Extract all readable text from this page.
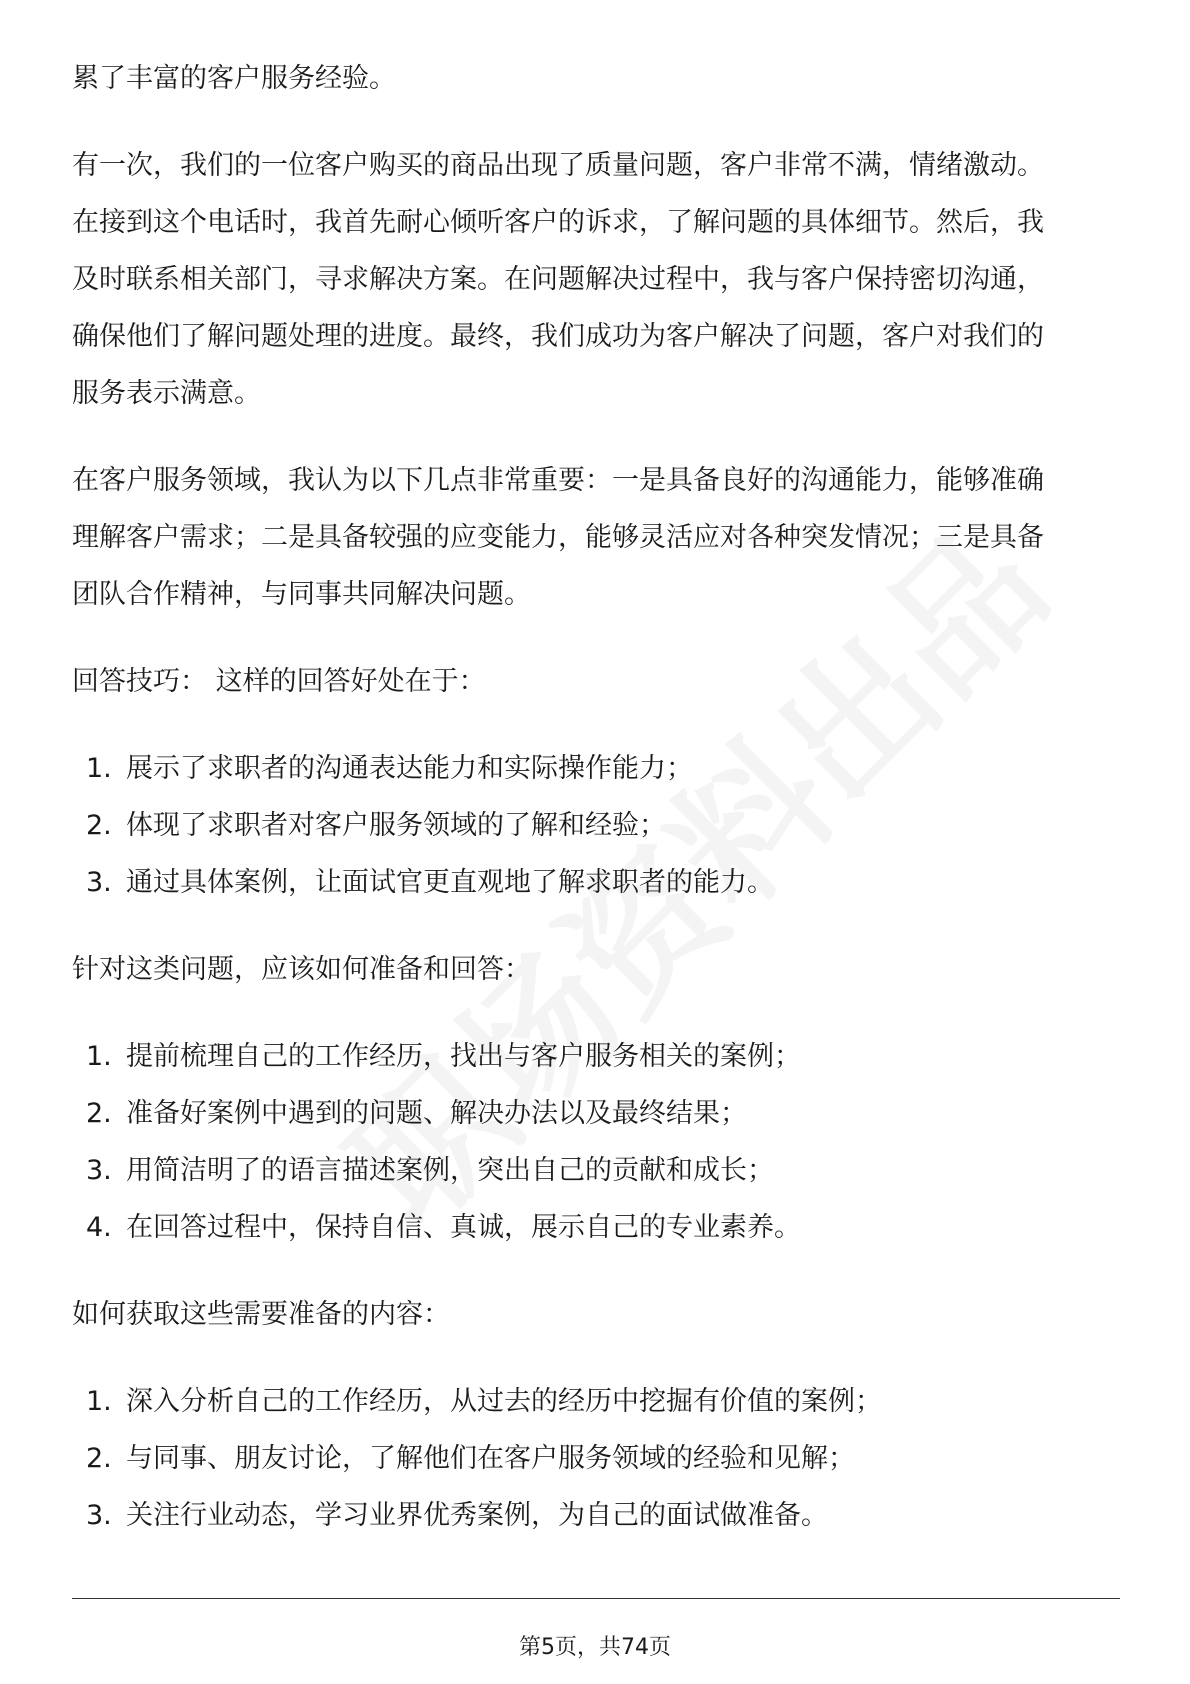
累了丰富的客户服务经验。

有一次，我们的一位客户购买的商品出现了质量问题，客户非常不满，情绪激动。

在接到这个电话时，我首先耐心倾听客户的诉求，了解问题的具体细节。然后，我

及时联系相关部门，寻求解决方案。在问题解决过程中，我与客户保持密切沟通，

确保他们了解问题处理的进度。最终，我们成功为客户解决了问题，客户对我们的

服务表示满意。

在客户服务领域，我认为以下几点非常重要：一是具备良好的沟通能力，能够准确

理解客户需求；二是具备较强的应变能力，能够灵活应对各种突发情况；三是具备

团队合作精神，与同事共同解决问题。

回答技巧： 这样的回答好处在于：

1. 展示了求职者的沟通表达能力和实际操作能力；
2. 体现了求职者对客户服务领域的了解和经验；
3. 通过具体案例，让面试官更直观地了解求职者的能力。

针对这类问题，应该如何准备和回答：

1. 提前梳理自己的工作经历，找出与客户服务相关的案例；
2. 准备好案例中遇到的问题、解决办法以及最终结果；
3. 用简洁明了的语言描述案例，突出自己的贡献和成长；
4. 在回答过程中，保持自信、真诚，展示自己的专业素养。

如何获取这些需要准备的内容：

1. 深入分析自己的工作经历，从过去的经历中挖掘有价值的案例；
2. 与同事、朋友讨论，了解他们在客户服务领域的经验和见解；
3. 关注行业动态，学习业界优秀案例，为自己的面试做准备。
第5页，共74页
